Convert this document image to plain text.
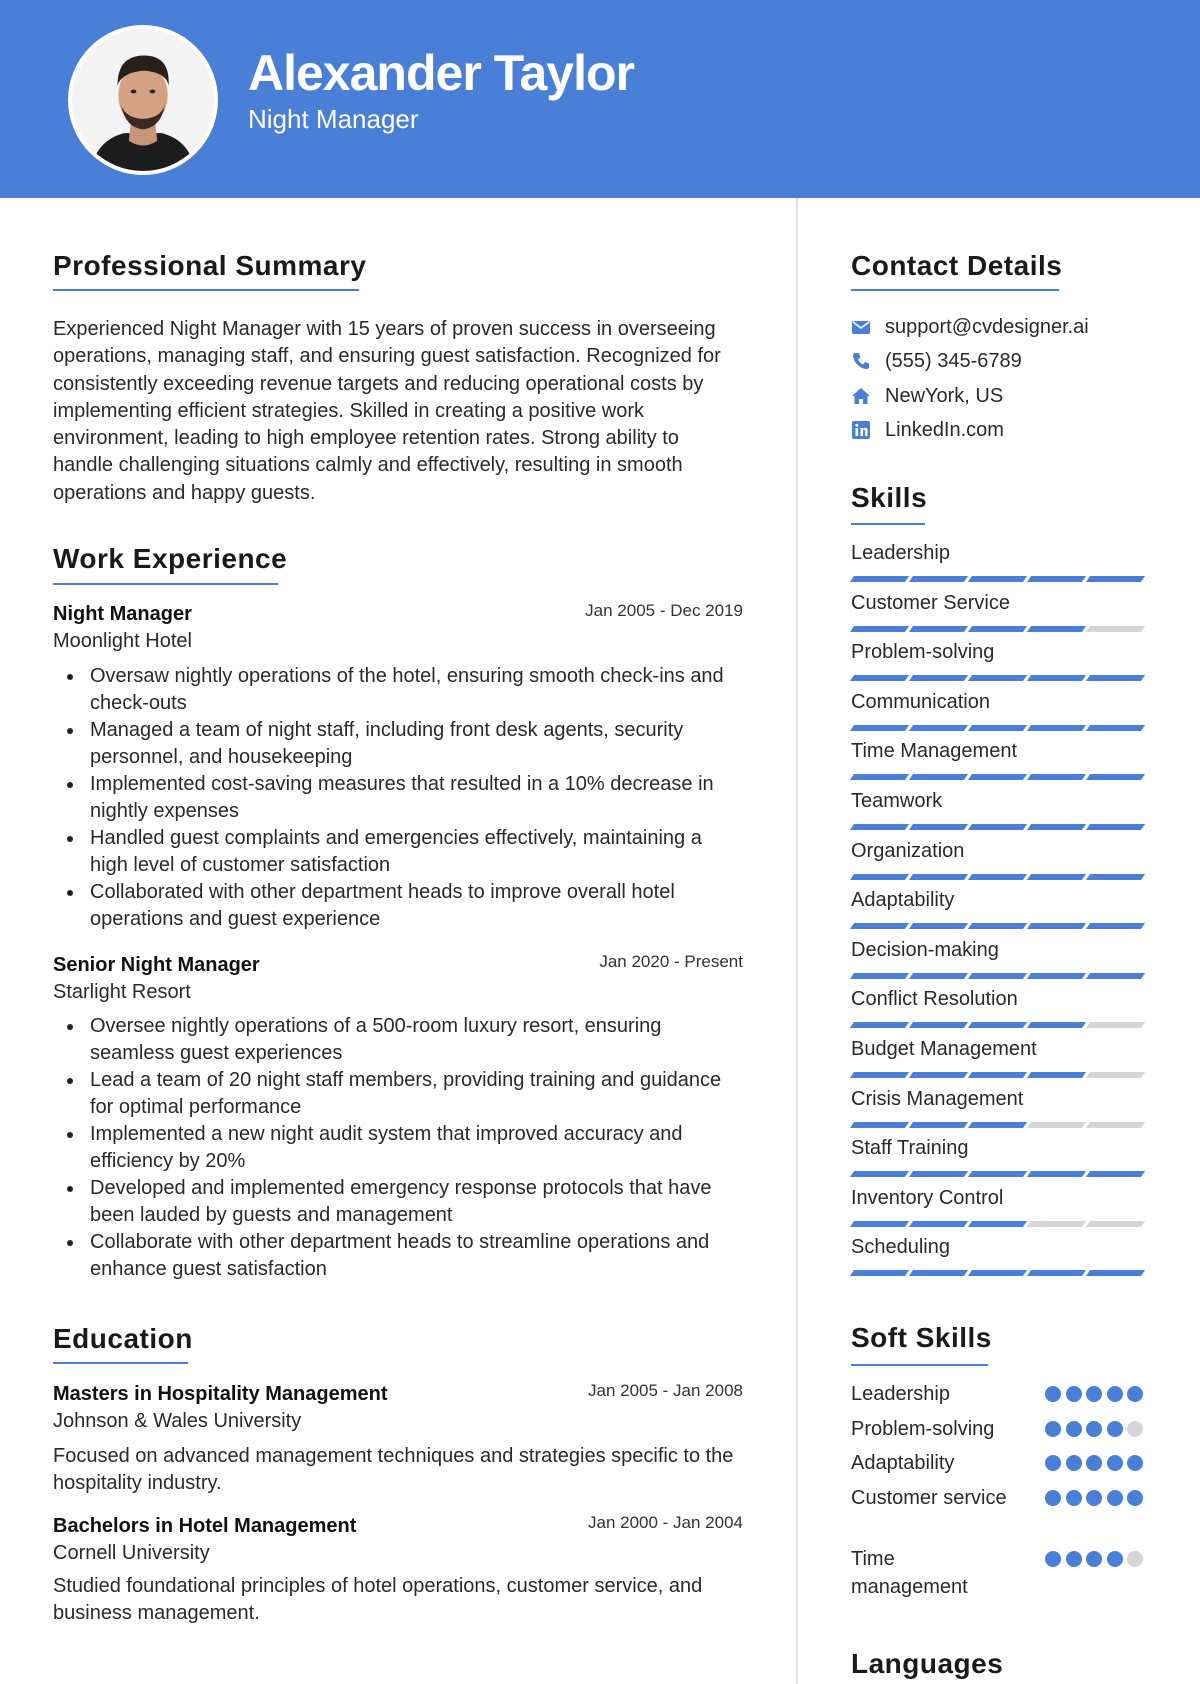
Alexander Taylor
Night Manager
Professional Summary
Experienced Night Manager with 15 years of proven success in overseeing operations, managing staff, and ensuring guest satisfaction. Recognized for consistently exceeding revenue targets and reducing operational costs by implementing efficient strategies. Skilled in creating a positive work environment, leading to high employee retention rates. Strong ability to handle challenging situations calmly and effectively, resulting in smooth operations and happy guests.
Work Experience
Night Manager	Jan 2005 - Dec 2019
Moonlight Hotel
Oversaw nightly operations of the hotel, ensuring smooth check-ins and check-outs
Managed a team of night staff, including front desk agents, security personnel, and housekeeping
Implemented cost-saving measures that resulted in a 10% decrease in nightly expenses
Handled guest complaints and emergencies effectively, maintaining a high level of customer satisfaction
Collaborated with other department heads to improve overall hotel operations and guest experience
Senior Night Manager	Jan 2020 - Present
Starlight Resort
Oversee nightly operations of a 500-room luxury resort, ensuring seamless guest experiences
Lead a team of 20 night staff members, providing training and guidance for optimal performance
Implemented a new night audit system that improved accuracy and efficiency by 20%
Developed and implemented emergency response protocols that have been lauded by guests and management
Collaborate with other department heads to streamline operations and enhance guest satisfaction
Education
Masters in Hospitality Management	Jan 2005 - Jan 2008
Johnson & Wales University
Focused on advanced management techniques and strategies specific to the hospitality industry.
Bachelors in Hotel Management	Jan 2000 - Jan 2004
Cornell University
Studied foundational principles of hotel operations, customer service, and business management.
Contact Details
support@cvdesigner.ai
(555) 345-6789
NewYork, US
LinkedIn.com
Skills
Leadership
Customer Service
Problem-solving
Communication
Time Management
Teamwork
Organization
Adaptability
Decision-making
Conflict Resolution
Budget Management
Crisis Management
Staff Training
Inventory Control
Scheduling
Soft Skills
Leadership
Problem-solving
Adaptability
Customer service
Time management
Languages
